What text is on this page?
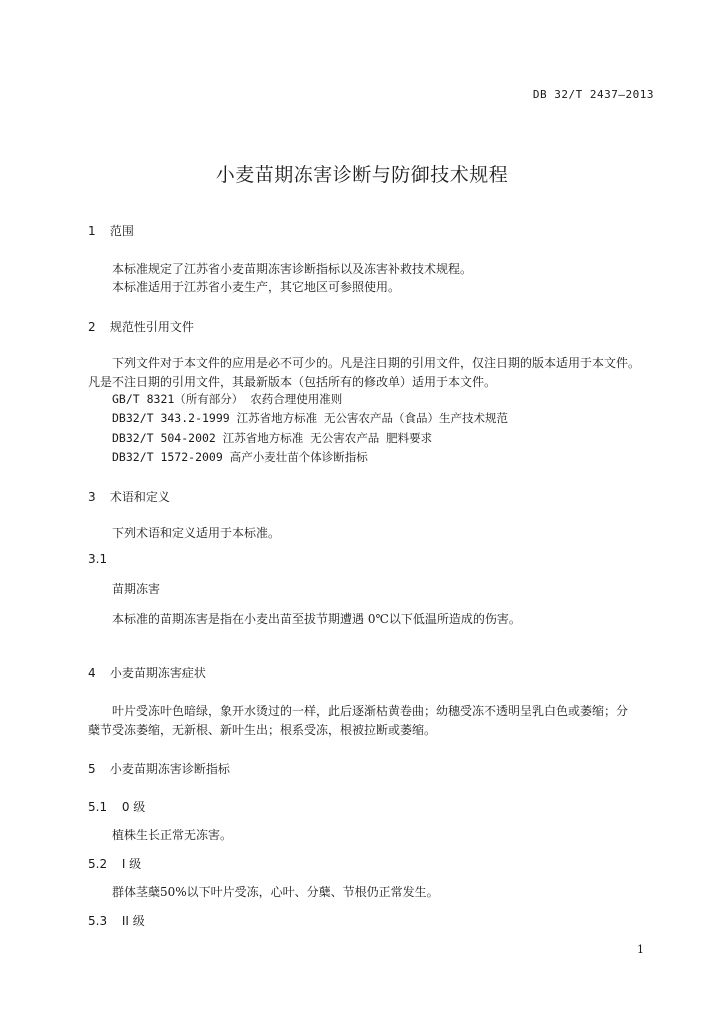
DB 32/T 2437—2013
小麦苗期冻害诊断与防御技术规程
1 范围
本标准规定了江苏省小麦苗期冻害诊断指标以及冻害补救技术规程。
本标准适用于江苏省小麦生产，其它地区可参照使用。
2 规范性引用文件
下列文件对于本文件的应用是必不可少的。凡是注日期的引用文件，仅注日期的版本适用于本文件。
凡是不注日期的引用文件，其最新版本（包括所有的修改单）适用于本文件。
GB/T 8321（所有部分） 农药合理使用准则
DB32/T 343.2-1999 江苏省地方标准 无公害农产品（食品）生产技术规范
DB32/T 504-2002 江苏省地方标准 无公害农产品 肥料要求
DB32/T 1572-2009 高产小麦壮苗个体诊断指标
3 术语和定义
下列术语和定义适用于本标准。
3.1
苗期冻害
本标准的苗期冻害是指在小麦出苗至拔节期遭遇 0℃以下低温所造成的伤害。
4 小麦苗期冻害症状
叶片受冻叶色暗绿，象开水烫过的一样，此后逐渐枯黄卷曲；幼穗受冻不透明呈乳白色或萎缩；分
蘖节受冻萎缩，无新根、新叶生出；根系受冻，根被拉断或萎缩。
5 小麦苗期冻害诊断指标
5.1 0 级
植株生长正常无冻害。
5.2 I 级
群体茎蘖50%以下叶片受冻，心叶、分蘖、节根仍正常发生。
5.3 II 级
1
